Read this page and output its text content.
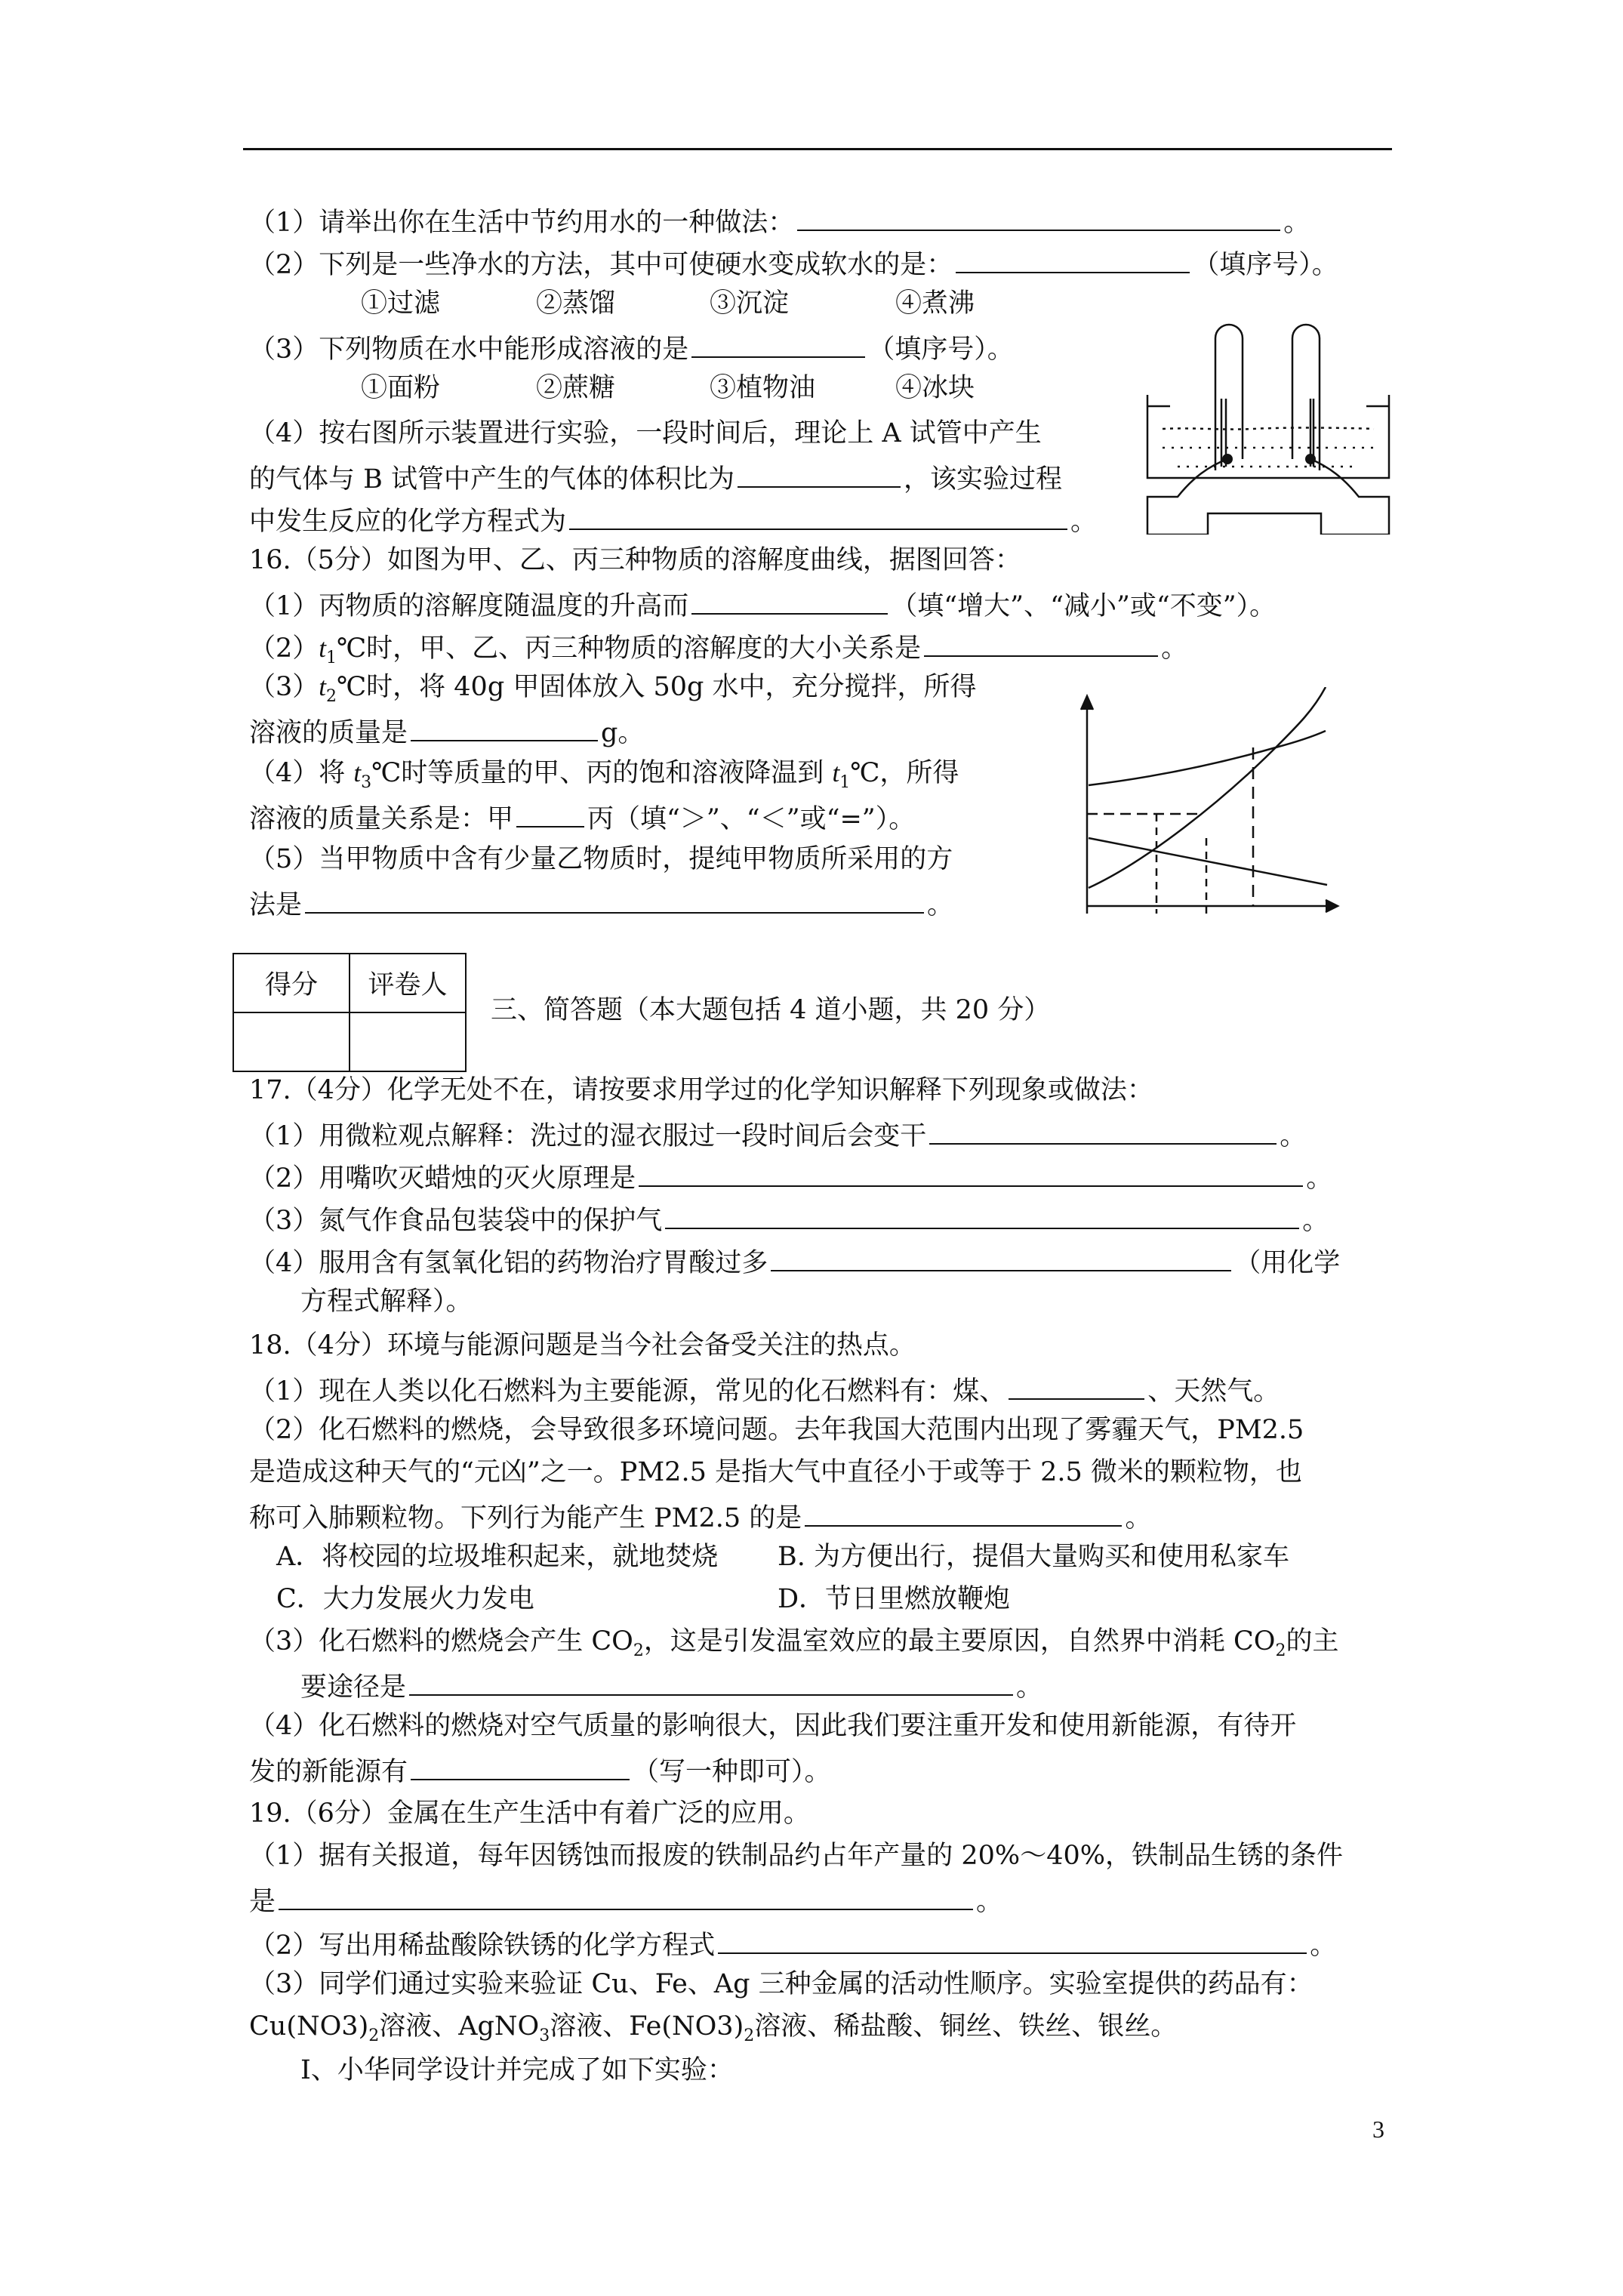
（1）请举出你在生活中节约用水的一种做法：	。
（2）下列是一些净水的方法，其中可使硬水变成软水的是：	（填序号）。
①过滤	②蒸馏	③沉淀	④煮沸
（3）下列物质在水中能形成溶液的是	（填序号）。
①面粉	②蔗糖	③植物油	④冰块
（4）按右图所示装置进行实验，一段时间后，理论上 A 试管中产生
的气体与 B 试管中产生的气体的体积比为	，该实验过程
中发生反应的化学方程式为	。
16.（5分）如图为甲、乙、丙三种物质的溶解度曲线，据图回答：
（1）丙物质的溶解度随温度的升高而	（填“增大”、“减小”或“不变”）。
$(2)t_1℃$时，甲、乙、丙三种物质的溶解度的大小关系是	。
$(3)t_2℃$时，将 40g 甲固体放入 50g 水中，充分搅拌，所得
溶液的质量是	g。
（4）将 $t_3℃$时等质量的甲、丙的饱和溶液降温到 $t_1℃$，所得
溶液的质量关系是：甲	丙（填“＞”、“＜”或“=”）。
（5）当甲物质中含有少量乙物质时，提纯甲物质所采用的方
法是	。
得分	评卷人

三、简答题（本大题包括 4 道小题，共 20 分）
17.（4分）化学无处不在，请按要求用学过的化学知识解释下列现象或做法：
（1）用微粒观点解释：洗过的湿衣服过一段时间后会变干	。
（2）用嘴吹灭蜡烛的灭火原理是	。
（3）氮气作食品包装袋中的保护气	。
（4）服用含有氢氧化铝的药物治疗胃酸过多	（用化学
方程式解释）。
18.（4分）环境与能源问题是当今社会备受关注的热点。
（1）现在人类以化石燃料为主要能源，常见的化石燃料有：煤、	、天然气。
（2）化石燃料的燃烧，会导致很多环境问题。去年我国大范围内出现了雾霾天气，PM2.5
是造成这种天气的“元凶”之一。PM2.5 是指大气中直径小于或等于 2.5 微米的颗粒物，也
称可入肺颗粒物。下列行为能产生 PM2.5 的是	。
A．将校园的垃圾堆积起来，就地焚烧 B. 为方便出行，提倡大量购买和使用私家车
C．大力发展火力发电	D．节日里燃放鞭炮
（3）化石燃料的燃烧会产生 $CO_2$，这是引发温室效应的最主要原因，自然界中消耗 $CO_2$的主
要途径是	。
（4）化石燃料的燃烧对空气质量的影响很大，因此我们要注重开发和使用新能源，有待开
发的新能源有	（写一种即可）。
19.（6分）金属在生产生活中有着广泛的应用。
（1）据有关报道，每年因锈蚀而报废的铁制品约占年产量的 20%～40%，铁制品生锈的条件
是	。
（2）写出用稀盐酸除铁锈的化学方程式	。
（3）同学们通过实验来验证 Cu、Fe、Ag 三种金属的活动性顺序。实验室提供的药品有：
$Cu(NO3)_2$溶液、AgNO$_3$溶液、$Fe(NO3)_2$溶液、稀盐酸、铜丝、铁丝、银丝。
Ⅰ、小华同学设计并完成了如下实验：
3
